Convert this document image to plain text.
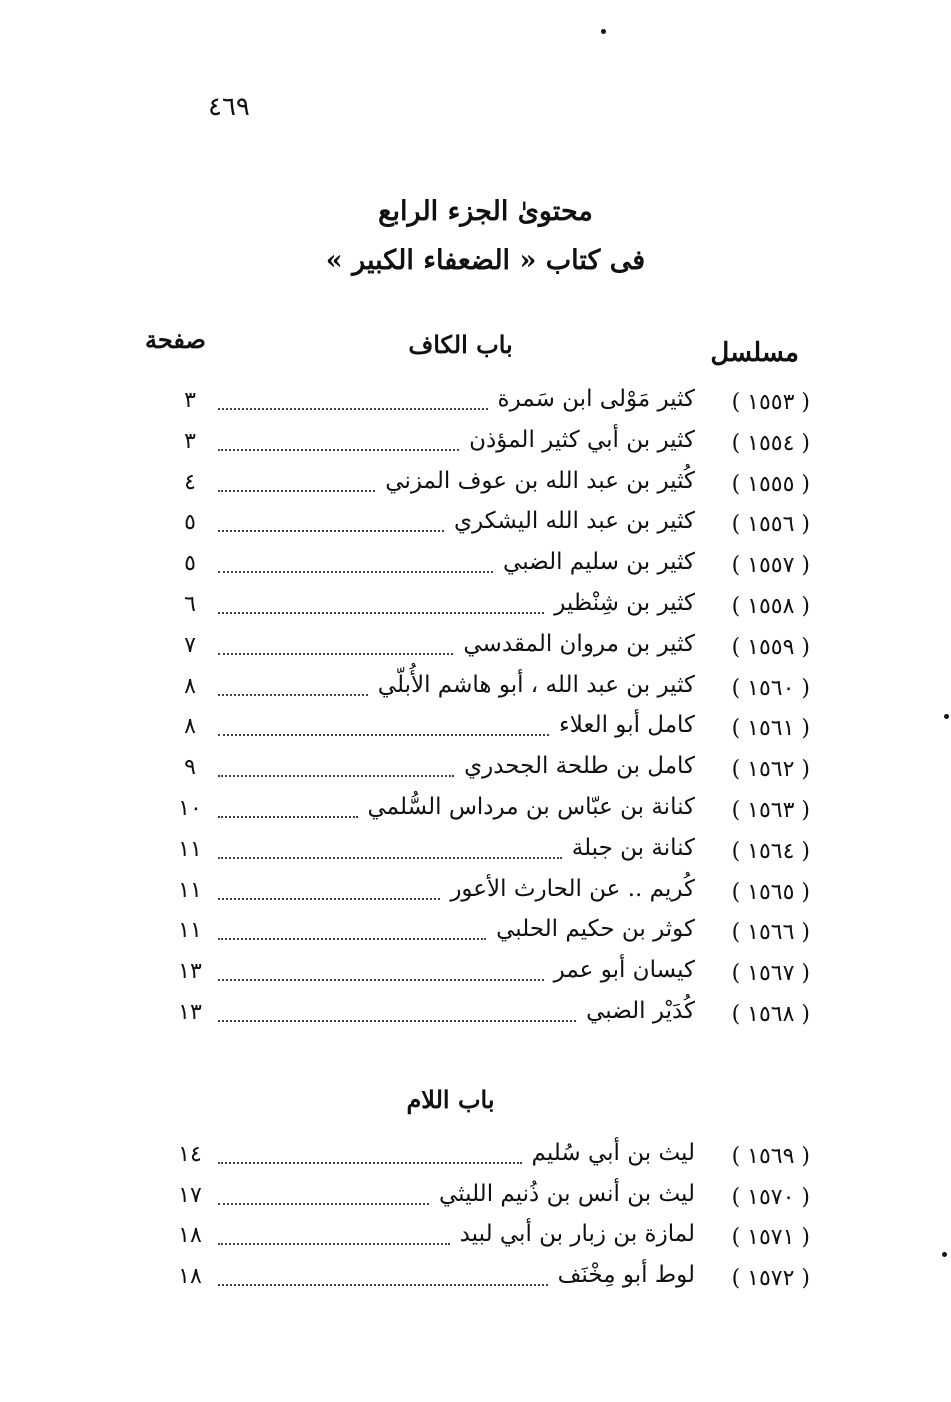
٤٦٩
محتوىٰ الجزء الرابع
فى كتاب « الضعفاء الكبير »
مسلسل
صفحة	باب الكاف
( ١٥٥٣ )
كثير مَوْلى ابن سَمرة
٣
( ١٥٥٤ )
كثير بن أبي كثير المؤذن
٣
( ١٥٥٥ )
كُثير بن عبد الله بن عوف المزني
٤
( ١٥٥٦ )
كثير بن عبد الله اليشكري
٥
( ١٥٥٧ )
كثير بن سليم الضبي
٥
( ١٥٥٨ )
كثير بن شِنْظير
٦
( ١٥٥٩ )
كثير بن مروان المقدسي
٧
( ١٥٦٠ )
كثير بن عبد الله ، أبو هاشم الأُبلّي
٨
( ١٥٦١ )
كامل أبو العلاء
٨
( ١٥٦٢ )
كامل بن طلحة الجحدري
٩
( ١٥٦٣ )
كنانة بن عبّاس بن مرداس السُّلمي
١٠
( ١٥٦٤ )
كنانة بن جبلة
١١
( ١٥٦٥ )
كُريم .. عن الحارث الأعور
١١
( ١٥٦٦ )
كوثر بن حكيم الحلبي
١١
( ١٥٦٧ )
كيسان أبو عمر
١٣
( ١٥٦٨ )
كُدَيْر الضبي
١٣
باب اللام
( ١٥٦٩ )
ليث بن أبي سُليم
١٤
( ١٥٧٠ )
ليث بن أنس بن ذُنيم الليثي
١٧
( ١٥٧١ )
لمازة بن زبار بن أبي لبيد
١٨
( ١٥٧٢ )
لوط أبو مِخْنَف
١٨
